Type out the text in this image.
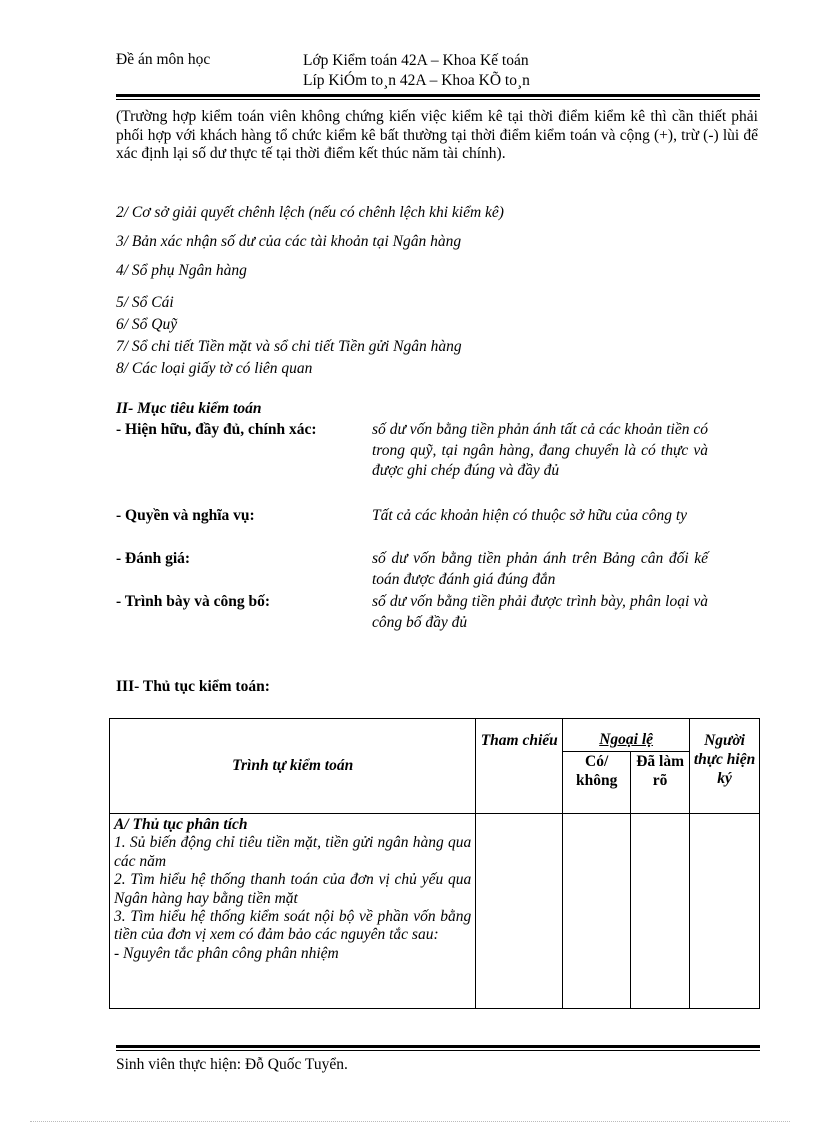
Đề án môn học	Lớp Kiểm toán 42A – Khoa Kế toán
Líp KiÓm to¸n 42A – Khoa KÕ to¸n
(Trường hợp kiểm toán viên không chứng kiến việc kiểm kê tại thời điểm kiểm kê thì cần thiết phải phối hợp với khách hàng tổ chức kiểm kê bất thường tại thời điểm kiểm toán và cộng (+), trừ (-) lùi để xác định lại số dư thực tế tại thời điểm kết thúc năm tài chính).
2/ Cơ sở giải quyết chênh lệch (nếu có chênh lệch khi kiểm kê)
3/ Bản xác nhận số dư của các tài khoản tại Ngân hàng
4/ Sổ phụ Ngân hàng
5/ Sổ Cái
6/ Sổ Quỹ
7/ Sổ chi tiết Tiền mặt và sổ chi tiết Tiền gửi Ngân hàng
8/ Các loại giấy tờ có liên quan
II- Mục tiêu kiểm toán
- Hiện hữu, đầy đủ, chính xác:	số dư vốn bằng tiền phản ánh tất cả các khoản tiền có trong quỹ, tại ngân hàng, đang chuyển là có thực và được ghi chép đúng và đầy đủ
- Quyền và nghĩa vụ:	Tất cả các khoản hiện có thuộc sở hữu của công ty
- Đánh giá:	số dư vốn bằng tiền phản ánh trên Bảng cân đối kế toán được đánh giá đúng đắn
- Trình bày và công bố:	số dư vốn bằng tiền phải được trình bày, phân loại và công bố đầy đủ
III- Thủ tục kiểm toán:
Trình tự kiểm toán	Tham chiếu	Ngoại lệ		Người thực hiện ký
		Có/ không	Đã làm rõ	

A/ Thủ tục phân tích
1. Sủ biến động chỉ tiêu tiền mặt, tiền gửi ngân hàng qua các năm
2. Tìm hiểu hệ thống thanh toán của đơn vị chủ yếu qua Ngân hàng hay bằng tiền mặt
3. Tìm hiểu hệ thống kiểm soát nội bộ về phần vốn bằng tiền của đơn vị xem có đảm bảo các nguyên tắc sau:
- Nguyên tắc phân công phân nhiệm				

Sinh viên thực hiện: Đỗ Quốc Tuyển.
